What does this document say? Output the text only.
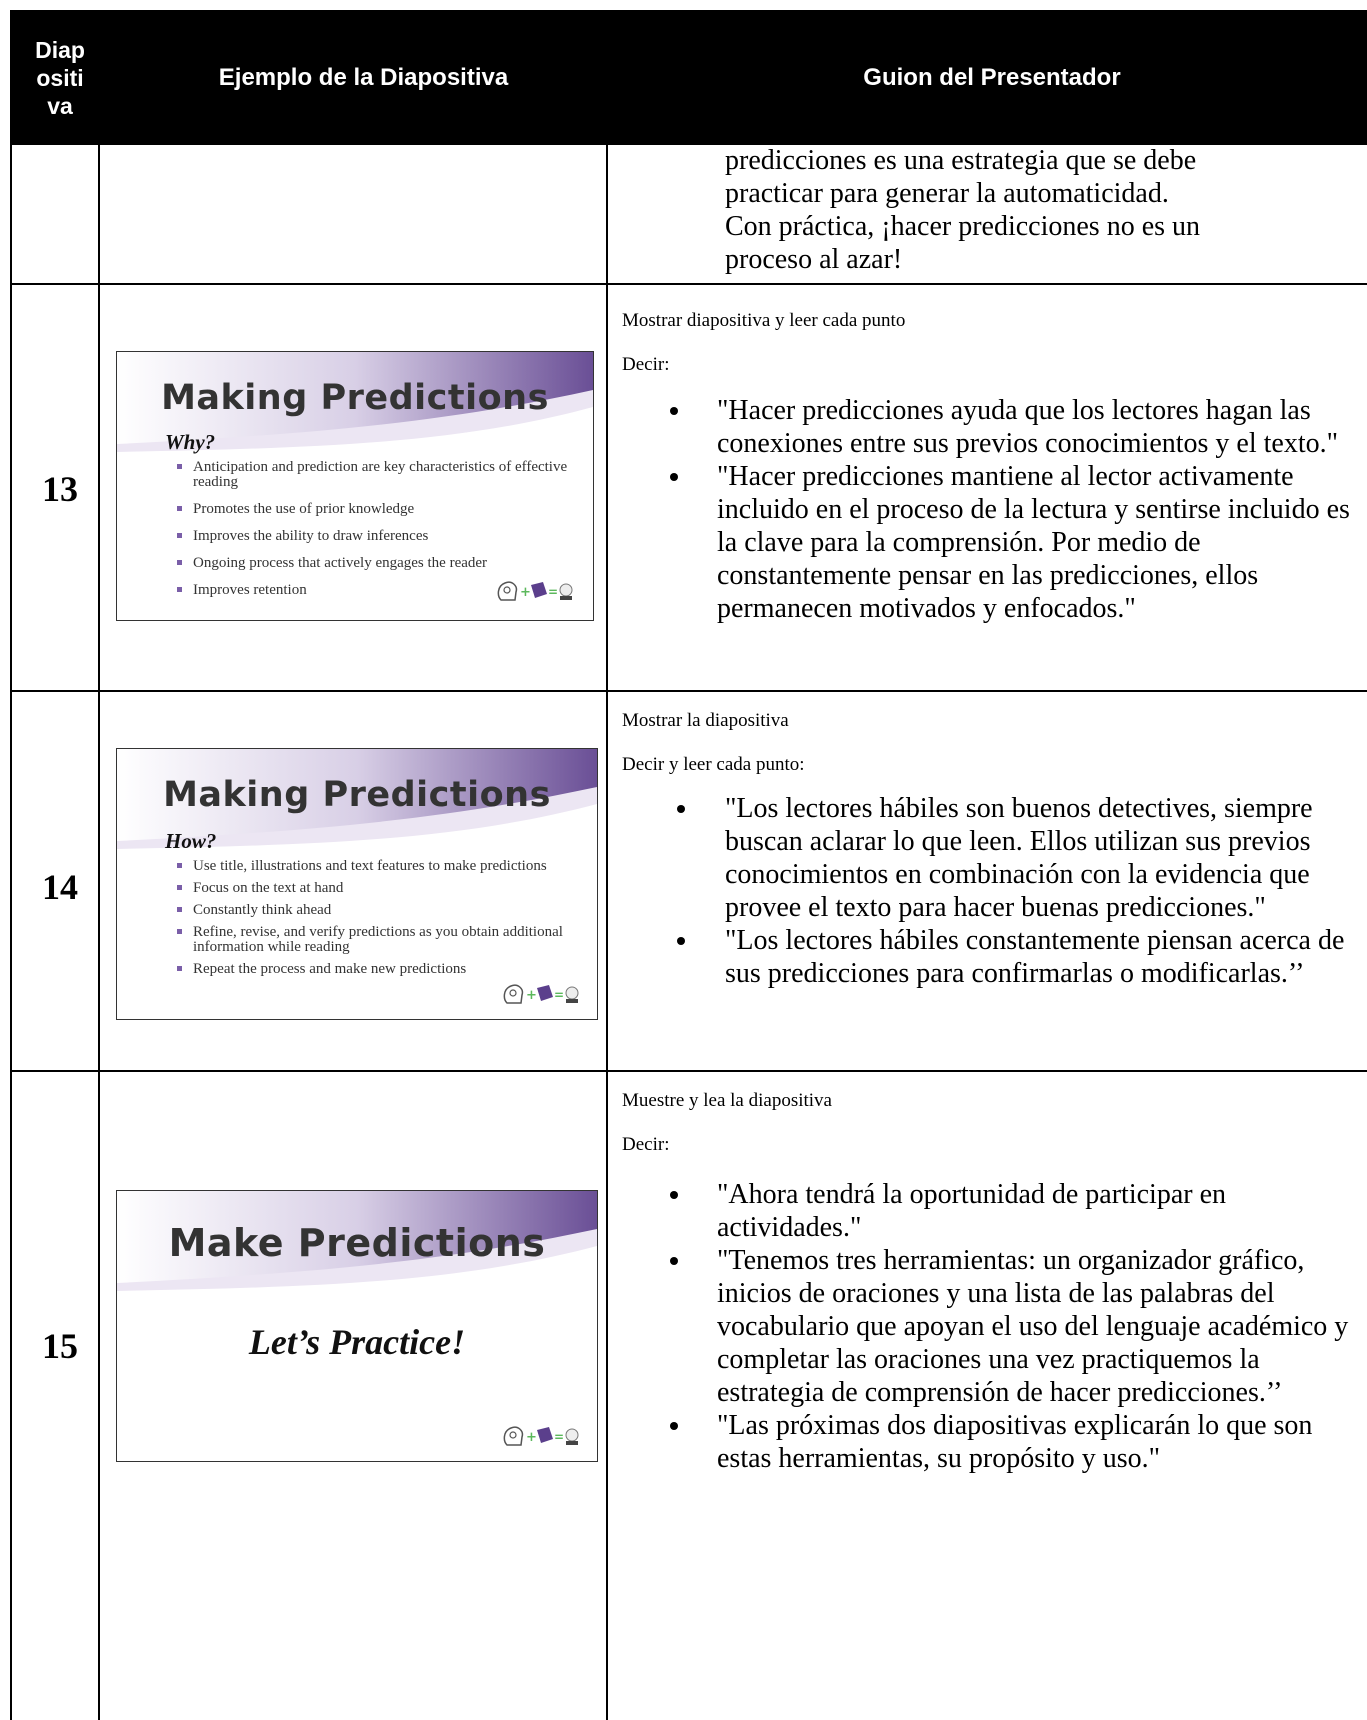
Diap
ositi
va
Ejemplo de la Diapositiva	Guion del Presentador
predicciones es una estrategia que se debe
practicar para generar la automaticidad.
Con práctica, ¡hacer predicciones no es un
proceso al azar!
13
Making Predictions
Why?
Anticipation and prediction are key characteristics of effective reading
Promotes the use of prior knowledge
Improves the ability to draw inferences
Ongoing process that actively engages the reader
Improves retention	+ =
Mostrar diapositiva y leer cada punto
Decir:
"Hacer predicciones ayuda que los lectores hagan las conexiones entre sus previos conocimientos y el texto."
"Hacer predicciones mantiene al lector activamente incluido en el proceso de la lectura y sentirse incluido es la clave para la comprensión. Por medio de constantemente pensar en las predicciones, ellos permanecen motivados y enfocados."
14
Making Predictions
How?
Use title, illustrations and text features to make predictions
Focus on the text at hand
Constantly think ahead
Refine, revise, and verify predictions as you obtain additional information while reading
Repeat the process and make new predictions
+ =
Mostrar la diapositiva
Decir y leer cada punto:
"Los lectores hábiles son buenos detectives, siempre buscan aclarar lo que leen. Ellos utilizan sus previos conocimientos en combinación con la evidencia que provee el texto para hacer buenas predicciones."
"Los lectores hábiles constantemente piensan acerca de sus predicciones para confirmarlas o modificarlas.’’
15
Make Predictions
Let’s Practice!
+ =
Muestre y lea la diapositiva
Decir:
"Ahora tendrá la oportunidad de participar en actividades."
"Tenemos tres herramientas: un organizador gráfico, inicios de oraciones y una lista de las palabras del vocabulario que apoyan el uso del lenguaje académico y completar las oraciones una vez practiquemos la estrategia de comprensión de hacer predicciones.’’
"Las próximas dos diapositivas explicarán lo que son estas herramientas, su propósito y uso."
